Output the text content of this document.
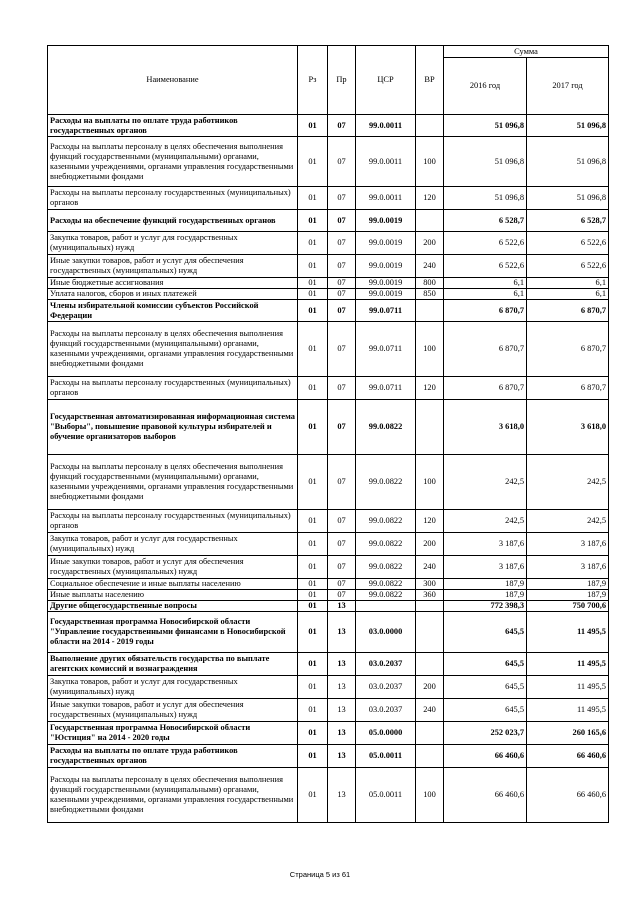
Наименование	Рз	Пр	ЦСР	ВР	Сумма	
					2016 год	2017 год
Расходы на выплаты по оплате труда работников государственных органов	01	07	99.0.0011		51 096,8	51 096,8
Расходы на выплаты персоналу в целях обеспечения выполнения функций государственными (муниципальными) органами, казенными учреждениями, органами управления государственными внебюджетными фондами	01	07	99.0.0011	100	51 096,8	51 096,8
Расходы на выплаты персоналу государственных (муниципальных) органов	01	07	99.0.0011	120	51 096,8	51 096,8
Расходы на обеспечение функций государственных органов	01	07	99.0.0019		6 528,7	6 528,7
Закупка товаров, работ и услуг для государственных (муниципальных) нужд	01	07	99.0.0019	200	6 522,6	6 522,6
Иные закупки товаров, работ и услуг для обеспечения государственных (муниципальных) нужд	01	07	99.0.0019	240	6 522,6	6 522,6
Иные бюджетные ассигнования	01	07	99.0.0019	800	6,1	6,1
Уплата налогов, сборов и иных платежей	01	07	99.0.0019	850	6,1	6,1
Члены избирательной комиссии субъектов Российской Федерации	01	07	99.0.0711		6 870,7	6 870,7
Расходы на выплаты персоналу в целях обеспечения выполнения функций государственными (муниципальными) органами, казенными учреждениями, органами управления государственными внебюджетными фондами	01	07	99.0.0711	100	6 870,7	6 870,7
Расходы на выплаты персоналу государственных (муниципальных) органов	01	07	99.0.0711	120	6 870,7	6 870,7
Государственная автоматизированная информационная система "Выборы", повышение правовой культуры избирателей и обучение организаторов выборов	01	07	99.0.0822		3 618,0	3 618,0
Расходы на выплаты персоналу в целях обеспечения выполнения функций государственными (муниципальными) органами, казенными учреждениями, органами управления государственными внебюджетными фондами	01	07	99.0.0822	100	242,5	242,5
Расходы на выплаты персоналу государственных (муниципальных) органов	01	07	99.0.0822	120	242,5	242,5
Закупка товаров, работ и услуг для государственных (муниципальных) нужд	01	07	99.0.0822	200	3 187,6	3 187,6
Иные закупки товаров, работ и услуг для обеспечения государственных (муниципальных) нужд	01	07	99.0.0822	240	3 187,6	3 187,6
Социальное обеспечение и иные выплаты населению	01	07	99.0.0822	300	187,9	187,9
Иные выплаты населению	01	07	99.0.0822	360	187,9	187,9
Другие общегосударственные вопросы	01	13			772 398,3	750 700,6
Государственная программа Новосибирской области "Управление государственными финансами в Новосибирской области на 2014 - 2019 годы	01	13	03.0.0000		645,5	11 495,5
Выполнение других обязательств государства по выплате агентских комиссий и вознаграждения	01	13	03.0.2037		645,5	11 495,5
Закупка товаров, работ и услуг для государственных (муниципальных) нужд	01	13	03.0.2037	200	645,5	11 495,5
Иные закупки товаров, работ и услуг для обеспечения государственных (муниципальных) нужд	01	13	03.0.2037	240	645,5	11 495,5
Государственная программа Новосибирской области "Юстиция" на 2014 - 2020 годы	01	13	05.0.0000		252 023,7	260 165,6
Расходы на выплаты по оплате труда работников государственных органов	01	13	05.0.0011		66 460,6	66 460,6
Расходы на выплаты персоналу в целях обеспечения выполнения функций государственными (муниципальными) органами, казенными учреждениями, органами управления государственными внебюджетными фондами	01	13	05.0.0011	100	66 460,6	66 460,6
Страница 5 из 61
